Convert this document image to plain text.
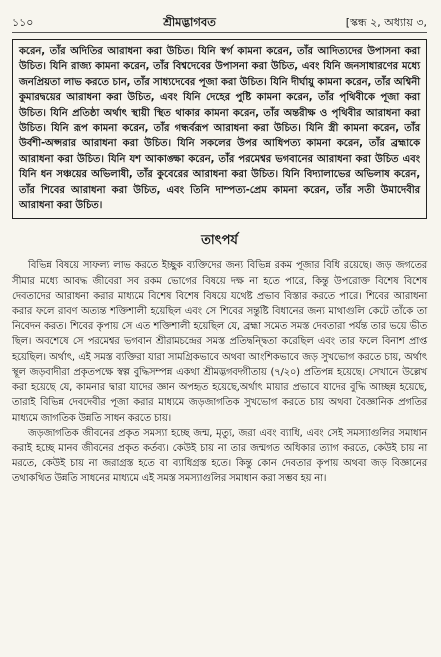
১১০	শ্রীমদ্ভাগবত	[স্কন্ধ ২, অধ্যায় ৩,

করেন, তাঁর অদিতির আরাধনা করা উচিত। যিনি স্বর্গ কামনা করেন, তাঁর আদিত্যদের উপাসনা করা উচিত। যিনি রাজ্য কামনা করেন, তাঁর বিশ্বদেবের উপাসনা করা উচিত, এবং যিনি জনসাধারণের মধ্যে জনপ্রিয়তা লাভ করতে চান, তাঁর সাধ্যদেবের পূজা করা উচিত। যিনি দীর্ঘায়ু কামনা করেন, তাঁর অশ্বিনী কুমারদ্বয়ের আরাধনা করা উচিত, এবং যিনি দেহের পুষ্টি কামনা করেন, তাঁর পৃথিবীকে পূজা করা উচিত। যিনি প্রতিষ্ঠা অর্থাৎ স্থায়ী স্থিত থাকার কামনা করেন, তাঁর অন্তরীক্ষ ও পৃথিবীর আরাধনা করা উচিত। যিনি রূপ কামনা করেন, তাঁর গন্ধর্বরূপ আরাধনা করা উচিত। যিনি স্ত্রী কামনা করেন, তাঁর উর্বশী-অপ্সরার আরাধনা করা উচিত। যিনি সকলের উপর আধিপত্য কামনা করেন, তাঁর ব্রহ্মাকে আরাধনা করা উচিত। যিনি যশ আকাঙ্ক্ষা করেন, তাঁর পরমেশ্বর ভগবানের আরাধনা করা উচিত এবং যিনি ধন সঞ্চয়ের অভিলাষী, তাঁর কুবেরের আরাধনা করা উচিত। যিনি বিদ্যালাভের অভিলাষ করেন, তাঁর শিবের আরাধনা করা উচিত, এবং তিনি দাম্পত্য-প্রেম কামনা করেন, তাঁর সতী উমাদেবীর আরাধনা করা উচিত।

তাৎপর্য

বিভিন্ন বিষয়ে সাফল্য লাভ করতে ইচ্ছুক ব্যক্তিদের জন্য বিভিন্ন রকম পূজার বিধি রয়েছে। জড় জগতের সীমার মধ্যে আবদ্ধ জীবেরা সব রকম ভোগের বিষয়ে দক্ষ না হতে পারে, কিন্তু উপরোক্ত বিশেষ বিশেষ দেবতাদের আরাধনা করার মাধ্যমে বিশেষ বিশেষ বিষয়ে যথেষ্ট প্রভাব বিস্তার করতে পারে। শিবের আরাধনা করার ফলে রাবণ অত্যন্ত শক্তিশালী হয়েছিল এবং সে শিবের সন্তুষ্টি বিধানের জন্য মাথাগুলি কেটে তাঁকে তা নিবেদন করত। শিবের কৃপায় সে এত শক্তিশালী হয়েছিল যে, ব্রহ্মা সমেত সমস্ত দেবতারা পর্যন্ত তার ভয়ে ভীত ছিল। অবশেষে সে পরমেশ্বর ভগবান শ্রীরামচন্দ্রের সমস্ত প্রতিদ্বন্দ্বিতা করেছিল এবং তার ফলে বিনাশ প্রাপ্ত হয়েছিল। অর্থাৎ, এই সমস্ত ব্যক্তিরা যারা সামগ্রিকভাবে অথবা আংশিকভাবে জড় সুখভোগ করতে চায়, অর্থাৎ স্থূল জড়বাদীরা প্রকৃতপক্ষে স্বল্প বুদ্ধিসম্পন্ন একথা শ্রীমদ্ভগবদ্গীতায় (৭/২০) প্রতিপন্ন হয়েছে। সেখানে উল্লেখ করা হয়েছে যে, কামনার দ্বারা যাদের জ্ঞান অপহৃত হয়েছে,অর্থাৎ মায়ার প্রভাবে যাদের বুদ্ধি আচ্ছন্ন হয়েছে, তারাই বিভিন্ন দেবদেবীর পূজা করার মাধ্যমে জড়জাগতিক সুখভোগ করতে চায় অথবা বৈজ্ঞানিক প্রগতির মাধ্যমে জাগতিক উন্নতি সাধন করতে চায়।

জড়জাগতিক জীবনের প্রকৃত সমস্যা হচ্ছে জন্ম, মৃত্যু, জরা এবং ব্যাধি, এবং সেই সমস্যাগুলির সমাধান করাই হচ্ছে মানব জীবনের প্রকৃত কর্তব্য। কেউই চায় না তার জন্মগত অধিকার ত্যাগ করতে, কেউই চায় না মরতে, কেউই চায় না জরাগ্রস্ত হতে বা ব্যাধিগ্রস্ত হতে। কিন্তু কোন দেবতার কৃপায় অথবা জড় বিজ্ঞানের তথাকথিত উন্নতি সাধনের মাধ্যমে এই সমস্ত সমস্যাগুলির সমাধান করা সম্ভব হয় না।
